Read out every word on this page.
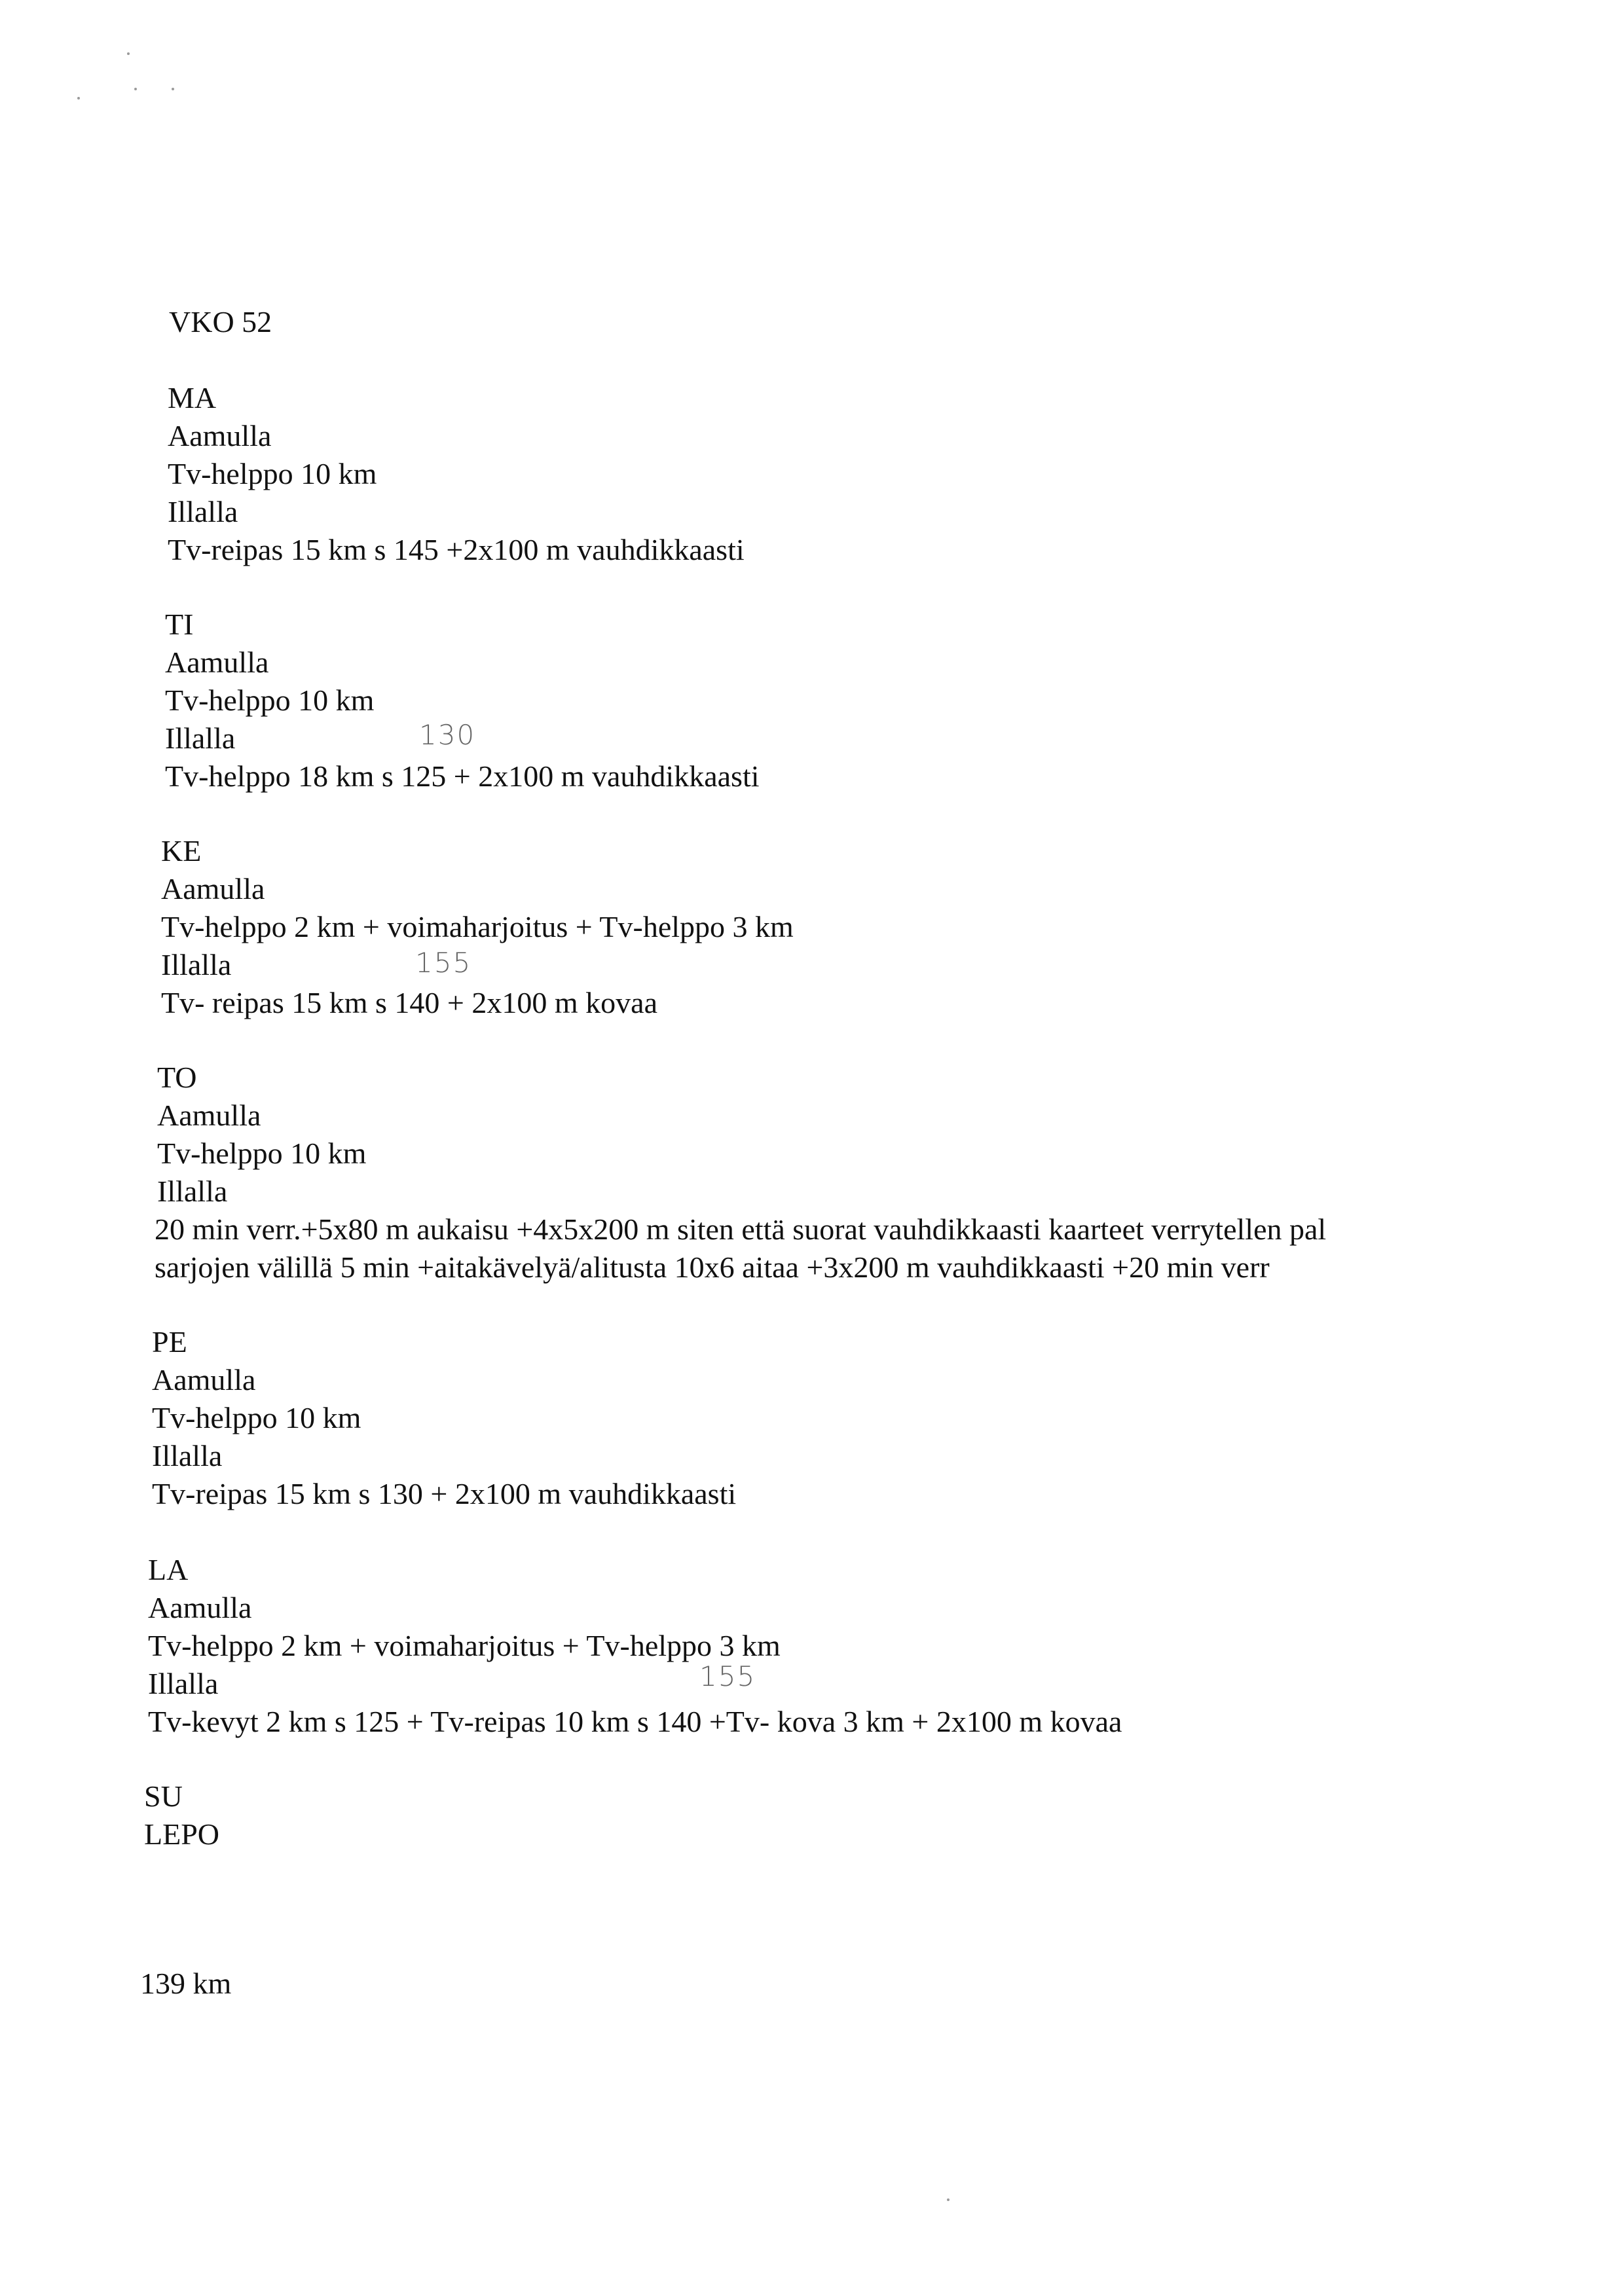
VKO 52
MA
Aamulla
Tv-helppo 10 km
Illalla
Tv-reipas 15 km s 145 +2x100 m vauhdikkaasti
TI
Aamulla
Tv-helppo 10 km
Illalla	130
Tv-helppo 18 km s 125 + 2x100 m vauhdikkaasti
KE
Aamulla
Tv-helppo 2 km + voimaharjoitus + Tv-helppo 3 km
Illalla	155
Tv- reipas 15 km s 140 + 2x100 m kovaa
TO
Aamulla
Tv-helppo 10 km
Illalla
20 min verr.+5x80 m aukaisu +4x5x200 m siten että suorat vauhdikkaasti kaarteet verrytellen pal
sarjojen välillä 5 min +aitakävelyä/alitusta 10x6 aitaa +3x200 m vauhdikkaasti +20 min verr
PE
Aamulla
Tv-helppo 10 km
Illalla
Tv-reipas 15 km s 130 + 2x100 m vauhdikkaasti
LA
Aamulla
Tv-helppo 2 km + voimaharjoitus + Tv-helppo 3 km
Illalla	155
Tv-kevyt 2 km s 125 + Tv-reipas 10 km s 140 +Tv- kova 3 km + 2x100 m kovaa
SU
LEPO
139 km
